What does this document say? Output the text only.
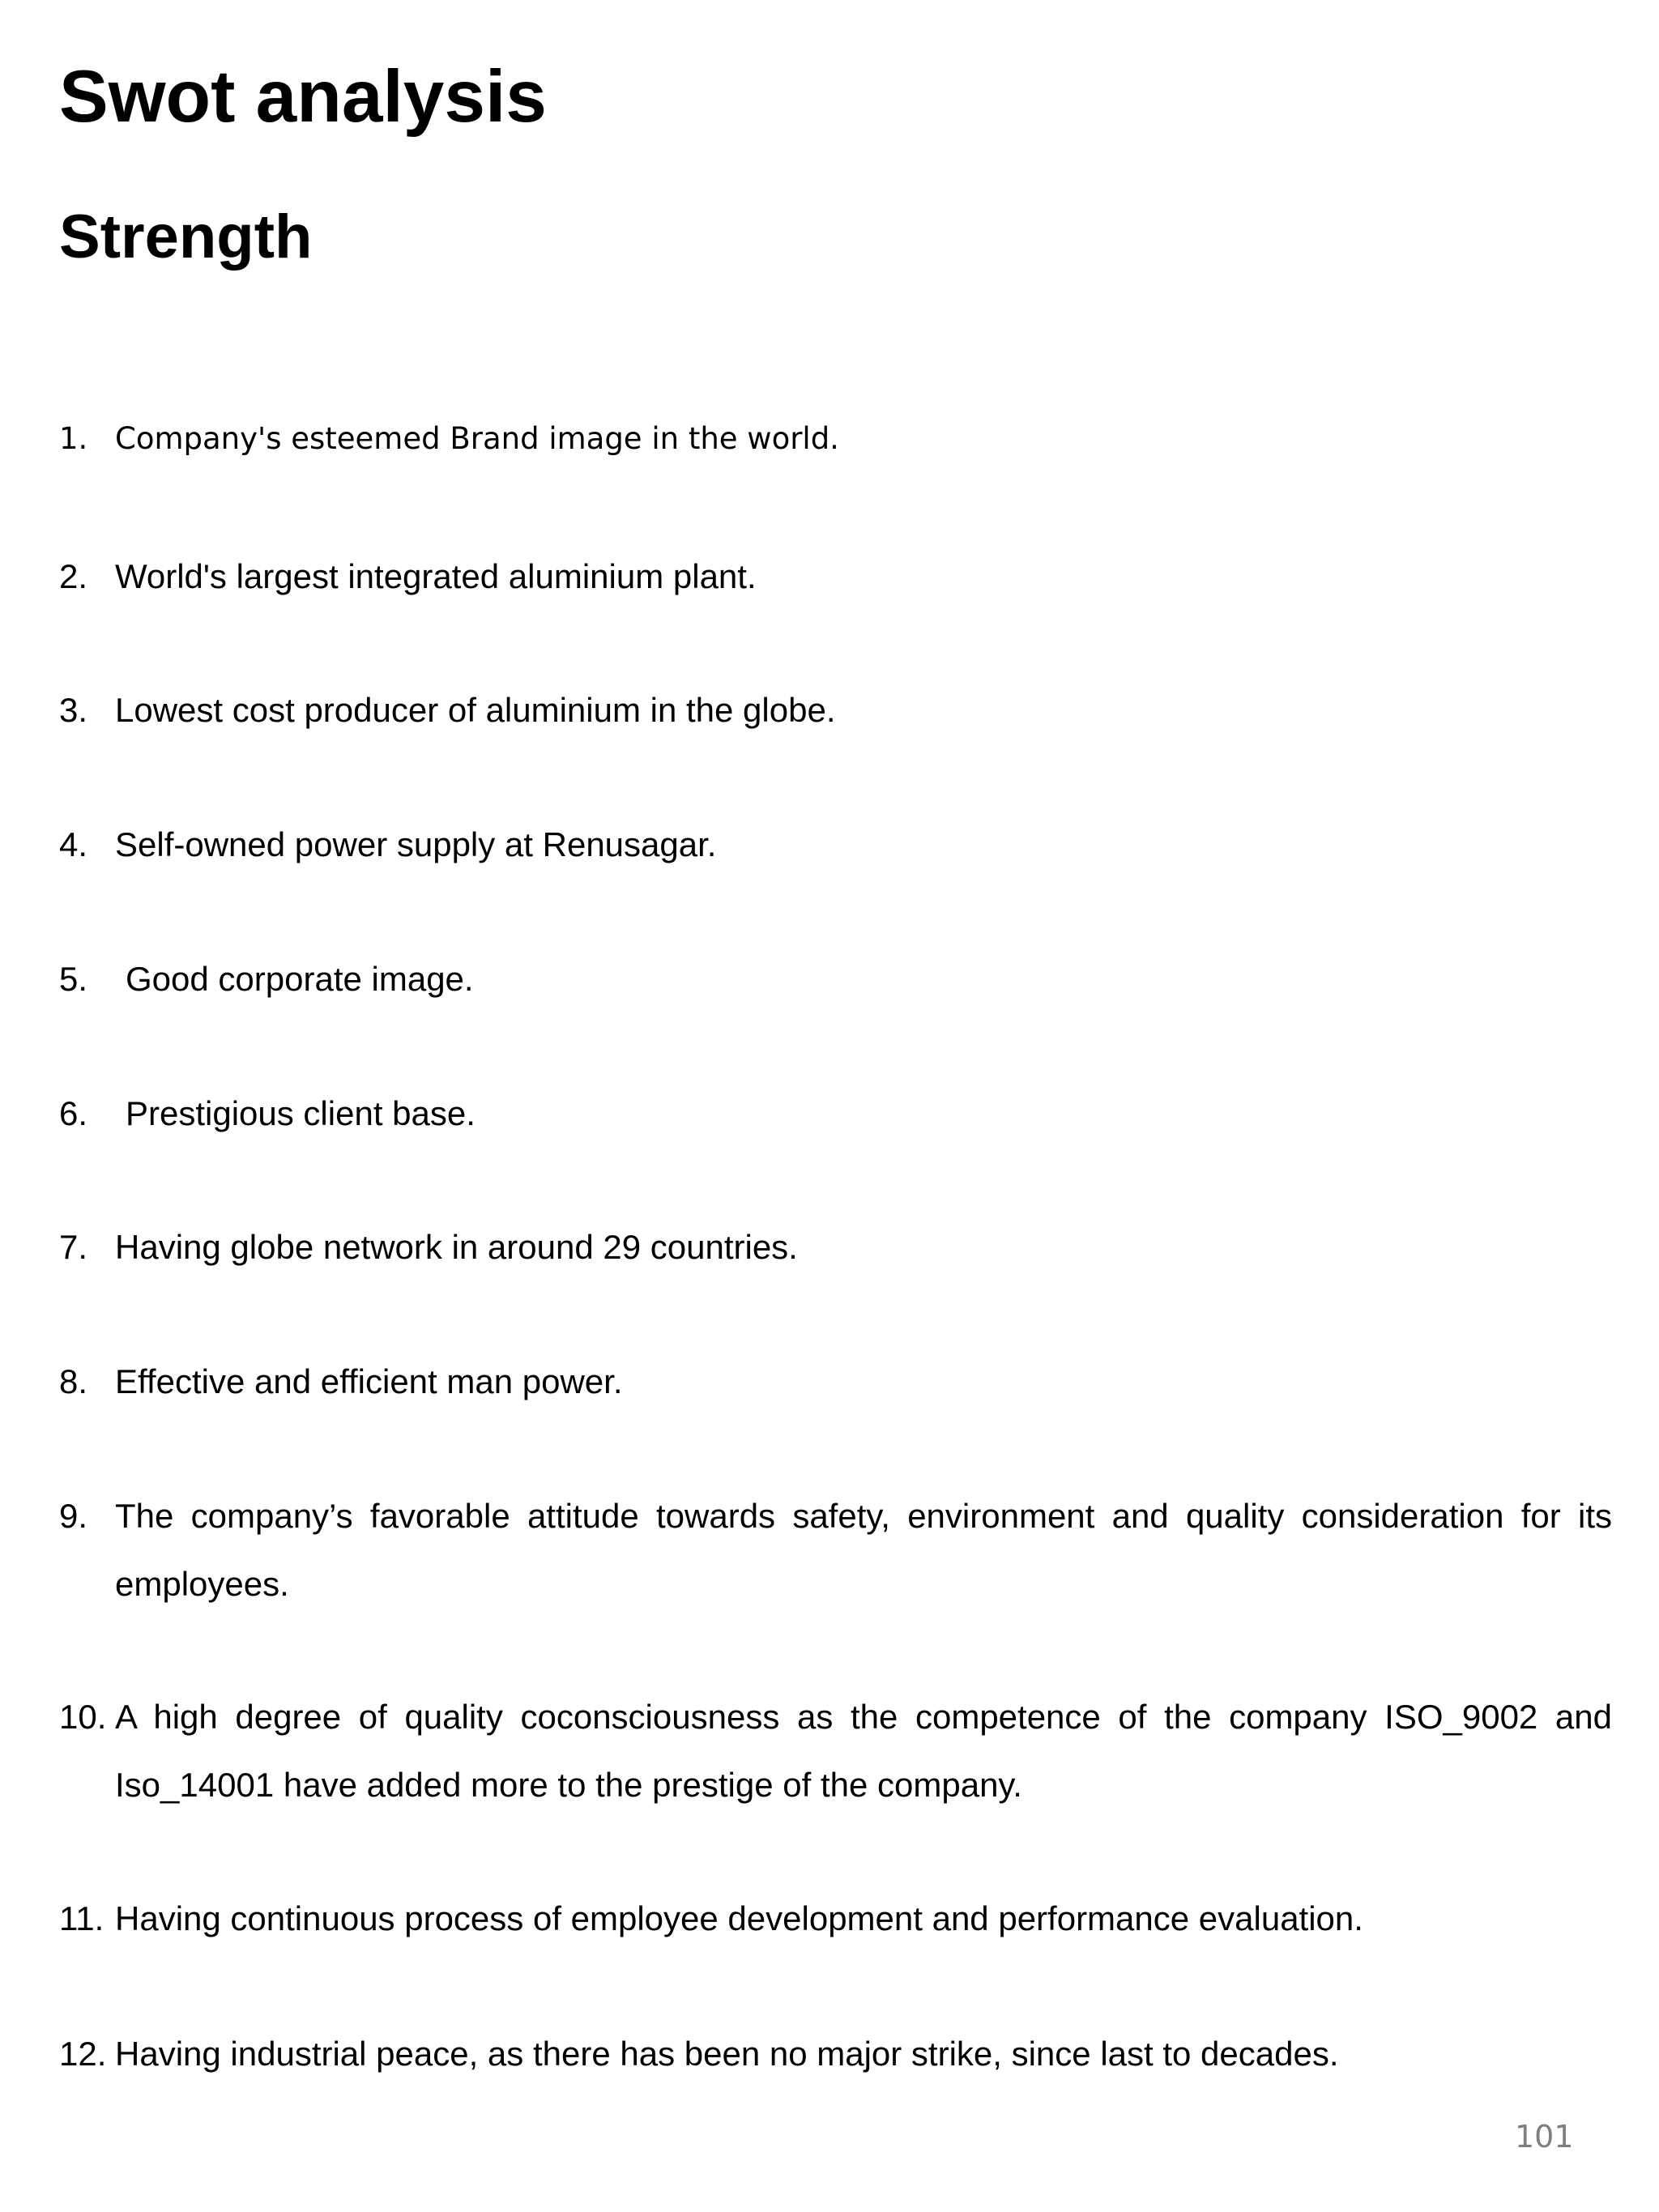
Swot analysis
Strength
1. Company's esteemed Brand image in the world.
2. World's largest integrated aluminium plant.
3. Lowest cost producer of aluminium in the globe.
4. Self-owned power supply at Renusagar.
5. Good corporate image.
6. Prestigious client base.
7. Having globe network in around 29 countries.
8. Effective and efficient man power.
9. The company’s favorable attitude towards safety, environment and quality consideration for its employees.
10. A high degree of quality coconsciousness as the competence of the company ISO_9002 and Iso_14001 have added more to the prestige of the company.
11. Having continuous process of employee development and performance evaluation.
12. Having industrial peace, as there has been no major strike, since last to decades.
101
